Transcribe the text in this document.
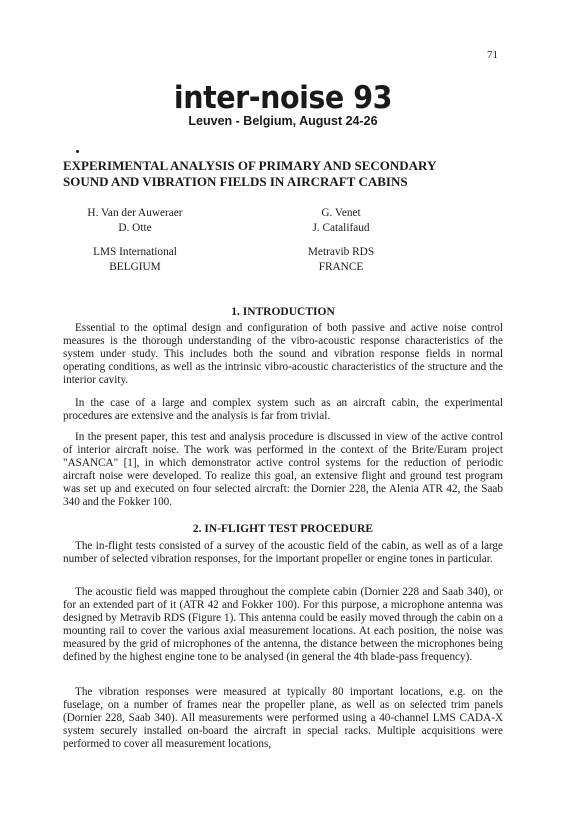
71
inter-noise 93
Leuven - Belgium, August 24-26
EXPERIMENTAL ANALYSIS OF PRIMARY AND SECONDARY
SOUND AND VIBRATION FIELDS IN AIRCRAFT CABINS
H. Van der Auweraer
D. Otte
LMS International
BELGIUM
G. Venet
J. Catalifaud
Metravib RDS
FRANCE
1. INTRODUCTION

Essential to the optimal design and configuration of both passive and active noise control measures is the thorough understanding of the vibro-acoustic response characteristics of the system under study. This includes both the sound and vibration response fields in normal operating conditions, as well as the intrinsic vibro-acoustic characteristics of the structure and the interior cavity.

In the case of a large and complex system such as an aircraft cabin, the experimental procedures are extensive and the analysis is far from trivial.

In the present paper, this test and analysis procedure is discussed in view of the active control of interior aircraft noise. The work was performed in the context of the Brite/Euram project "ASANCA" [1], in which demonstrator active control systems for the reduction of periodic aircraft noise were developed. To realize this goal, an extensive flight and ground test program was set up and executed on four selected aircraft: the Dornier 228, the Alenia ATR 42, the Saab 340 and the Fokker 100.

2. IN-FLIGHT TEST PROCEDURE

The in-flight tests consisted of a survey of the acoustic field of the cabin, as well as of a large number of selected vibration responses, for the important propeller or engine tones in particular.

The acoustic field was mapped throughout the complete cabin (Dornier 228 and Saab 340), or for an extended part of it (ATR 42 and Fokker 100). For this purpose, a microphone antenna was designed by Metravib RDS (Figure 1). This antenna could be easily moved through the cabin on a mounting rail to cover the various axial measurement locations. At each position, the noise was measured by the grid of microphones of the antenna, the distance between the microphones being defined by the highest engine tone to be analysed (in general the 4th blade-pass frequency).

The vibration responses were measured at typically 80 important locations, e.g. on the fuselage, on a number of frames near the propeller plane, as well as on selected trim panels (Dornier 228, Saab 340). All measurements were performed using a 40-channel LMS CADA-X system securely installed on-board the aircraft in special racks. Multiple acquisitions were performed to cover all measurement locations,
